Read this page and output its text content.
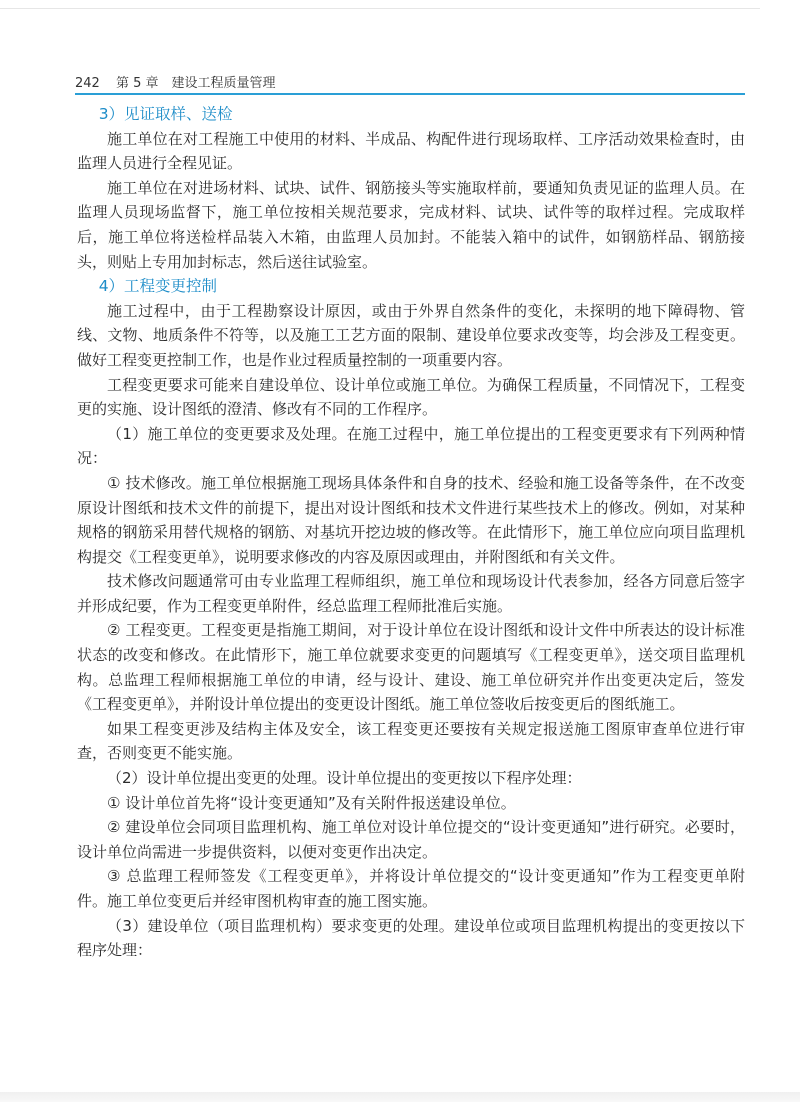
242 第 5 章　建设工程质量管理

3）见证取样、送检

施工单位在对工程施工中使用的材料、半成品、构配件进行现场取样、工序活动效果检查时，由监理人员进行全程见证。

施工单位在对进场材料、试块、试件、钢筋接头等实施取样前，要通知负责见证的监理人员。在监理人员现场监督下，施工单位按相关规范要求，完成材料、试块、试件等的取样过程。完成取样后，施工单位将送检样品装入木箱，由监理人员加封。不能装入箱中的试件，如钢筋样品、钢筋接头，则贴上专用加封标志，然后送往试验室。

4）工程变更控制

施工过程中，由于工程勘察设计原因，或由于外界自然条件的变化，未探明的地下障碍物、管线、文物、地质条件不符等，以及施工工艺方面的限制、建设单位要求改变等，均会涉及工程变更。做好工程变更控制工作，也是作业过程质量控制的一项重要内容。

工程变更要求可能来自建设单位、设计单位或施工单位。为确保工程质量，不同情况下，工程变更的实施、设计图纸的澄清、修改有不同的工作程序。

（1）施工单位的变更要求及处理。在施工过程中，施工单位提出的工程变更要求有下列两种情况：

① 技术修改。施工单位根据施工现场具体条件和自身的技术、经验和施工设备等条件，在不改变原设计图纸和技术文件的前提下，提出对设计图纸和技术文件进行某些技术上的修改。例如，对某种规格的钢筋采用替代规格的钢筋、对基坑开挖边坡的修改等。在此情形下，施工单位应向项目监理机构提交《工程变更单》，说明要求修改的内容及原因或理由，并附图纸和有关文件。

技术修改问题通常可由专业监理工程师组织，施工单位和现场设计代表参加，经各方同意后签字并形成纪要，作为工程变更单附件，经总监理工程师批准后实施。

② 工程变更。工程变更是指施工期间，对于设计单位在设计图纸和设计文件中所表达的设计标准状态的改变和修改。在此情形下，施工单位就要求变更的问题填写《工程变更单》，送交项目监理机构。总监理工程师根据施工单位的申请，经与设计、建设、施工单位研究并作出变更决定后，签发《工程变更单》，并附设计单位提出的变更设计图纸。施工单位签收后按变更后的图纸施工。

如果工程变更涉及结构主体及安全，该工程变更还要按有关规定报送施工图原审查单位进行审查，否则变更不能实施。

（2）设计单位提出变更的处理。设计单位提出的变更按以下程序处理：

① 设计单位首先将“设计变更通知”及有关附件报送建设单位。

② 建设单位会同项目监理机构、施工单位对设计单位提交的“设计变更通知”进行研究。必要时，设计单位尚需进一步提供资料，以便对变更作出决定。

③ 总监理工程师签发《工程变更单》，并将设计单位提交的“设计变更通知”作为工程变更单附件。施工单位变更后并经审图机构审查的施工图实施。

（3）建设单位（项目监理机构）要求变更的处理。建设单位或项目监理机构提出的变更按以下程序处理：
